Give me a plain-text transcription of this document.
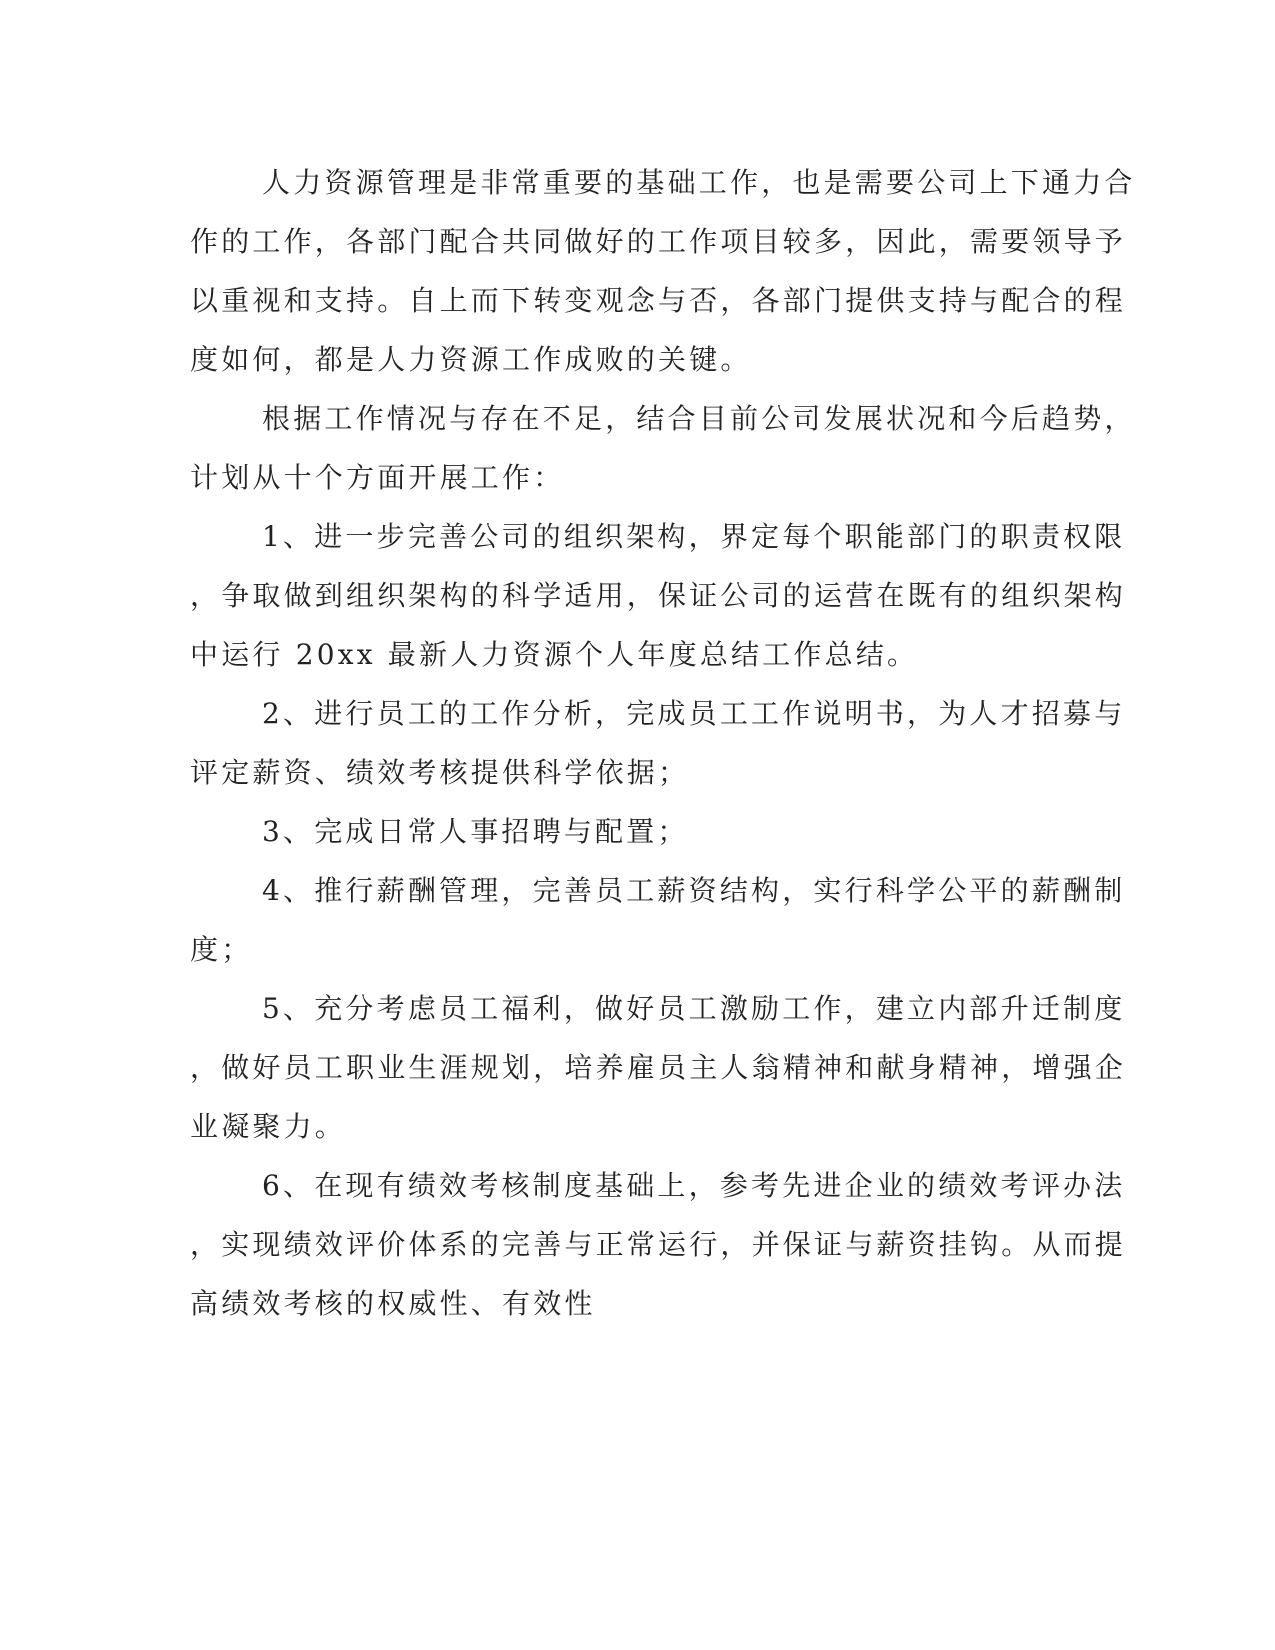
人力资源管理是非常重要的基础工作，也是需要公司上下通力合
作的工作，各部门配合共同做好的工作项目较多，因此，需要领导予
以重视和支持。自上而下转变观念与否，各部门提供支持与配合的程
度如何，都是人力资源工作成败的关键。
根据工作情况与存在不足，结合目前公司发展状况和今后趋势，
计划从十个方面开展工作：
1、进一步完善公司的组织架构，界定每个职能部门的职责权限
，争取做到组织架构的科学适用，保证公司的运营在既有的组织架构
中运行 20xx 最新人力资源个人年度总结工作总结。
2、进行员工的工作分析，完成员工工作说明书，为人才招募与
评定薪资、绩效考核提供科学依据；
3、完成日常人事招聘与配置；
4、推行薪酬管理，完善员工薪资结构，实行科学公平的薪酬制
度；
5、充分考虑员工福利，做好员工激励工作，建立内部升迁制度
，做好员工职业生涯规划，培养雇员主人翁精神和献身精神，增强企
业凝聚力。
6、在现有绩效考核制度基础上，参考先进企业的绩效考评办法
，实现绩效评价体系的完善与正常运行，并保证与薪资挂钩。从而提
高绩效考核的权威性、有效性
